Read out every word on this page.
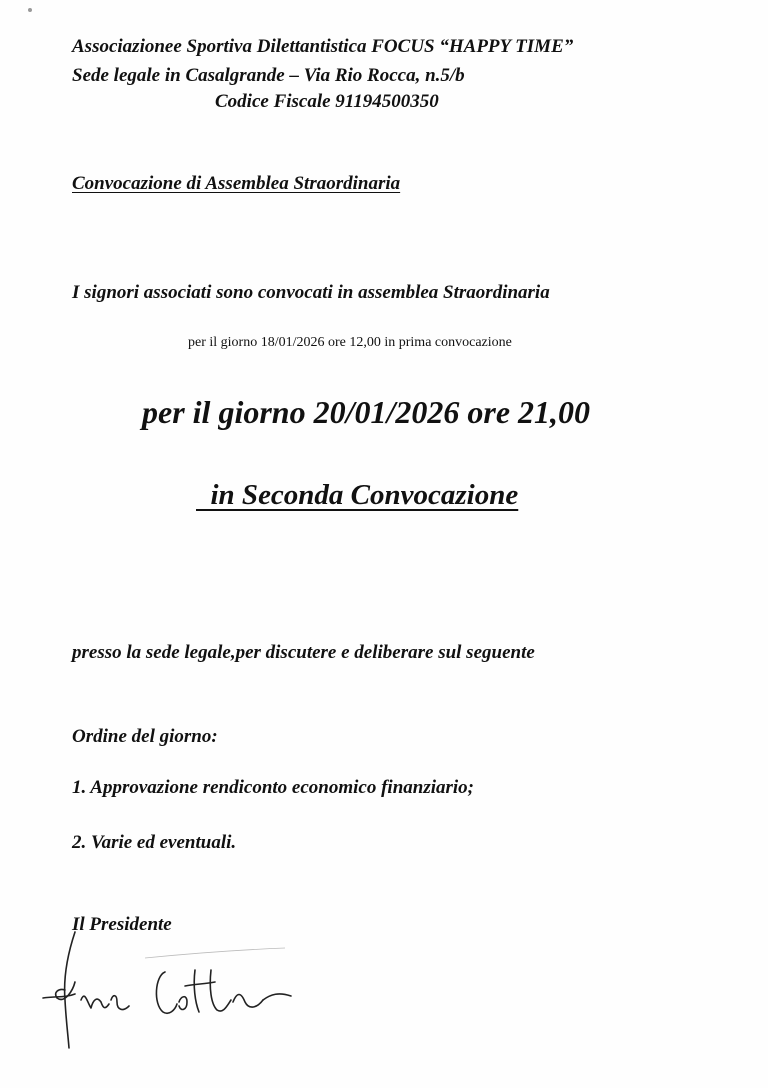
Associazionee Sportiva Dilettantistica FOCUS “HAPPY TIME”
Sede legale in Casalgrande – Via Rio Rocca, n.5/b
Codice Fiscale 91194500350
Convocazione di Assemblea Straordinaria
I signori associati sono convocati in assemblea Straordinaria
per il giorno 18/01/2026 ore 12,00 in prima convocazione
per il giorno 20/01/2026 ore 21,00
in Seconda Convocazione
presso la sede legale,per discutere e deliberare sul seguente
Ordine del giorno:
1. Approvazione rendiconto economico finanziario;
2. Varie ed eventuali.
Il Presidente
